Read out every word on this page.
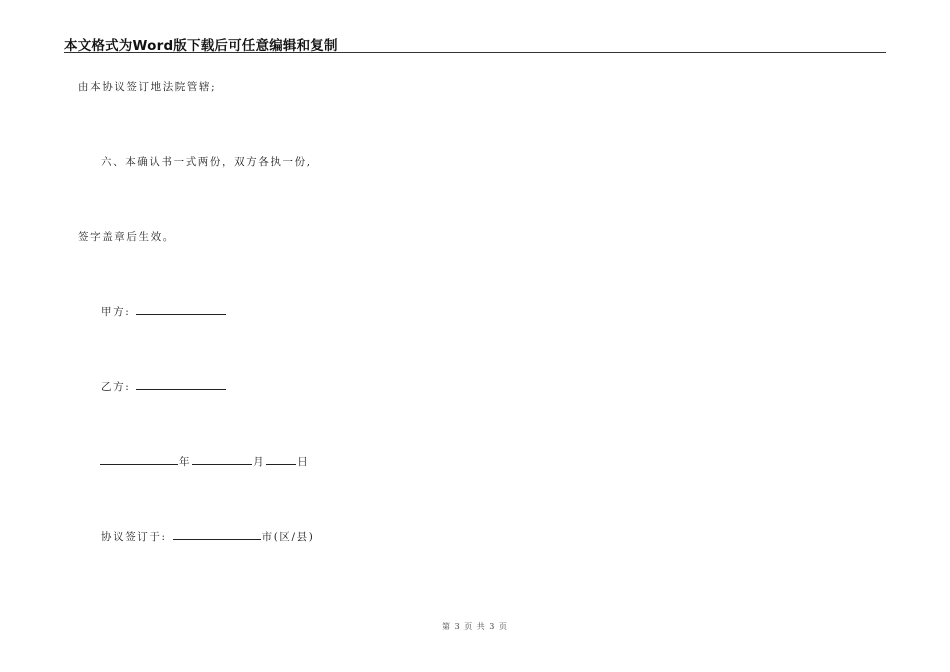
本文格式为Word版下载后可任意编辑和复制
由本协议签订地法院管辖;
六、本确认书一式两份，双方各执一份,
签字盖章后生效。
甲方:
乙方:
年	月	日
协议签订于:	市(区/县)
第 3 页 共 3 页
